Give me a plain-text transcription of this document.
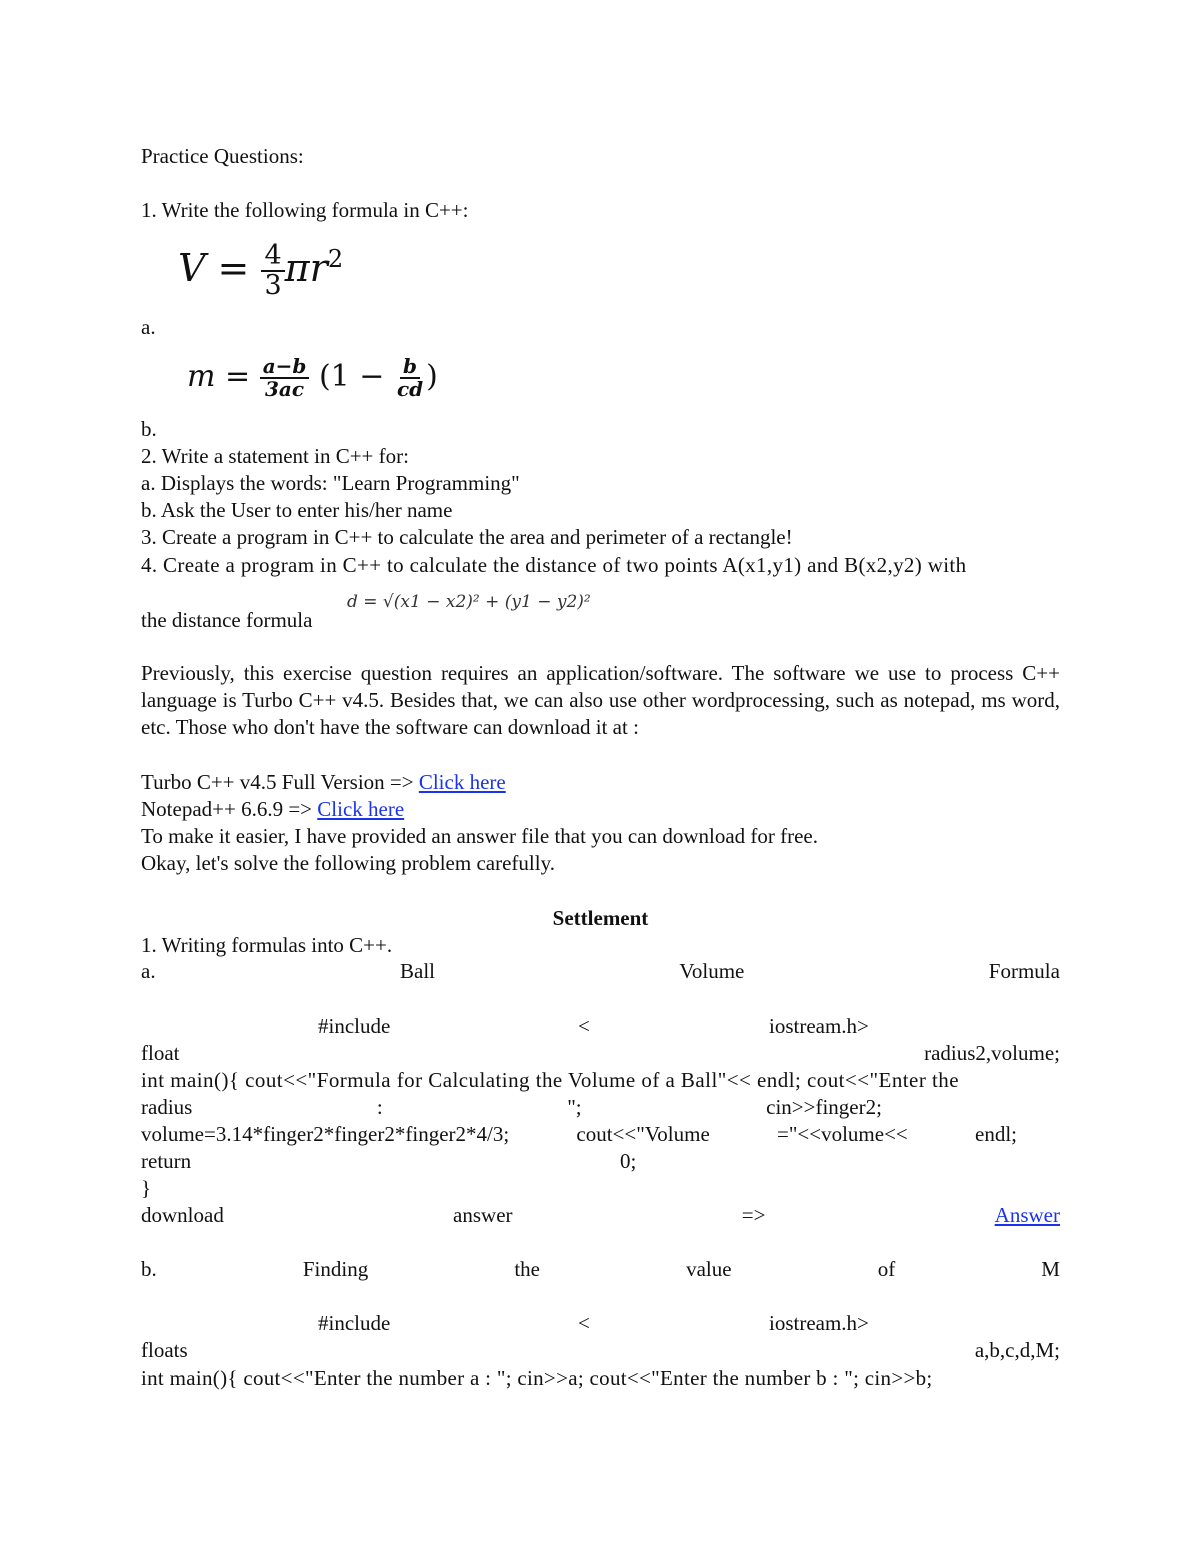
Practice Questions:
1. Write the following formula in C++:
$V = \frac{4}{3} \pi r^2$
a.
$m = \frac{a-b}{3ac} (1 - \frac{b}{cd}$ )
b.
2. Write a statement in C++ for:
a. Displays the words: "Learn Programming"
b. Ask the User to enter his/her name
3. Create a program in C++ to calculate the area and perimeter of a rectangle!
4. Create a program in C++ to calculate the distance of two points A(x1,y1) and B(x2,y2) with
the distance formula
d = √(x1 − x2)² + (y1 − y2)²
Previously, this exercise question requires an application/software. The software we use to process C++ language is Turbo C++ v4.5. Besides that, we can also use other wordprocessing, such as notepad, ms word, etc. Those who don't have the software can download it at :
Turbo C++ v4.5 Full Version => Click here
Notepad++ 6.6.9 => Click here
To make it easier, I have provided an answer file that you can download for free.
Okay, let's solve the following problem carefully.
Settlement
1. Writing formulas into C++.
a.	Ball	Volume	Formula
#include	<	iostream.h>
float	radius2,volume;
int main(){ cout<<"Formula for Calculating the Volume of a Ball"<< endl; cout<<"Enter the
radius	:	";	cin>>finger2;
volume=3.14*finger2*finger2*finger2*4/3;	cout<<"Volume	="<<volume<<	endl;
return	0;
}
download	answer	=>	Answer
b.	Finding	the	value	of	M
#include	<	iostream.h>
floats	a,b,c,d,M;
int main(){ cout<<"Enter the number a : "; cin>>a; cout<<"Enter the number b : "; cin>>b;
